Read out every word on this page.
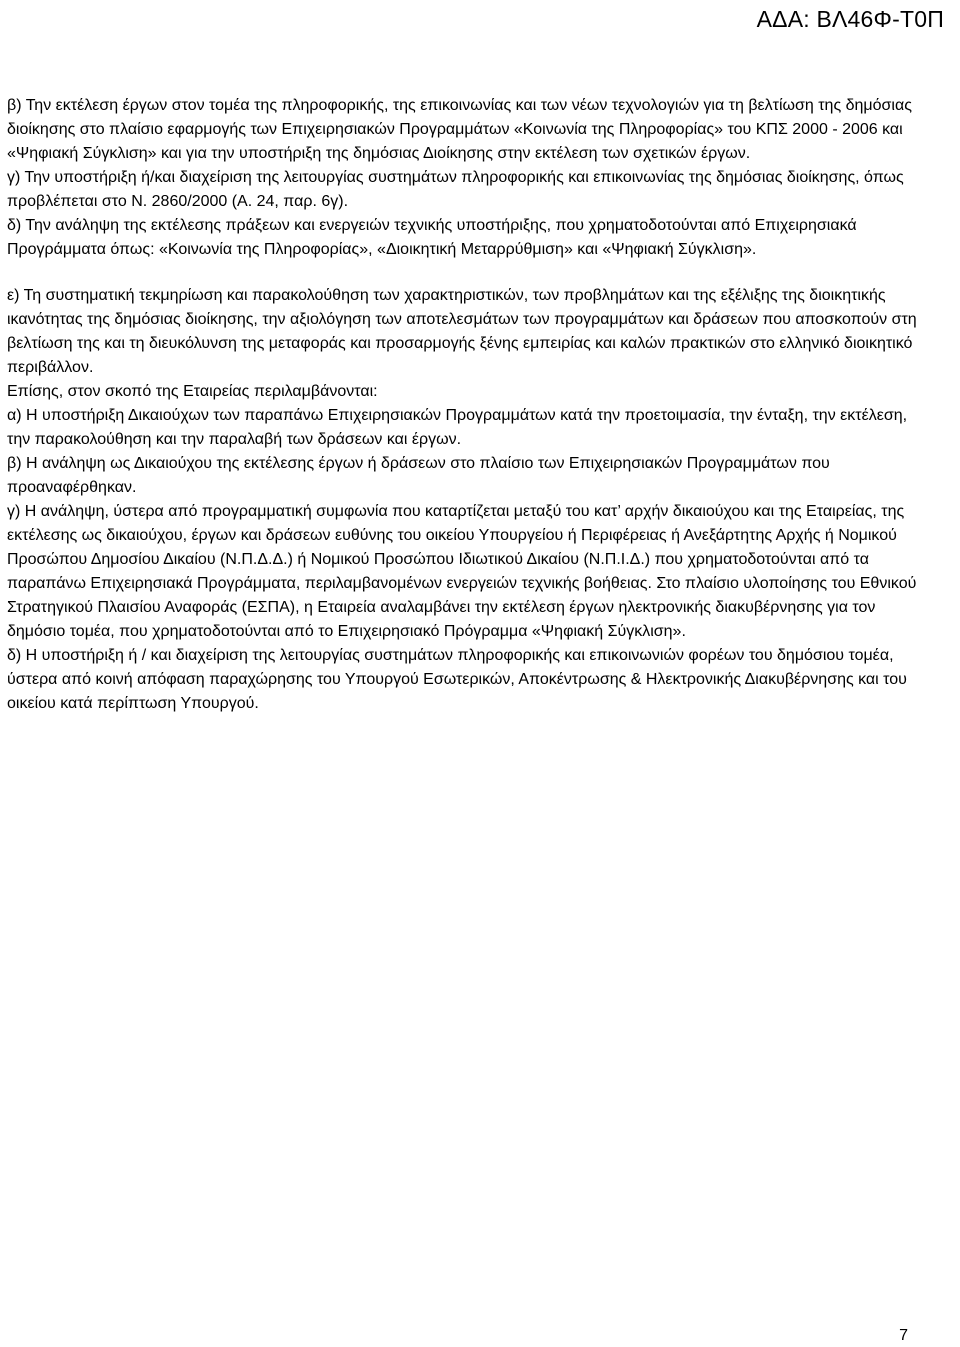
ΑΔΑ: ΒΛ46Φ-Τ0Π

β) Την εκτέλεση έργων στον τομέα της πληροφορικής, της επικοινωνίας και των νέων τεχνολογιών για τη βελτίωση της δημόσιας διοίκησης στο πλαίσιο εφαρμογής των Επιχειρησιακών Προγραμμάτων «Κοινωνία της Πληροφορίας» του ΚΠΣ 2000 - 2006 και «Ψηφιακή Σύγκλιση» και για την υποστήριξη της δημόσιας Διοίκησης στην εκτέλεση των σχετικών έργων.

γ) Την υποστήριξη ή/και διαχείριση της λειτουργίας συστημάτων πληροφορικής και επικοινωνίας της δημόσιας διοίκησης, όπως προβλέπεται στο Ν. 2860/2000 (Α. 24, παρ. 6γ).

δ) Την ανάληψη της εκτέλεσης πράξεων και ενεργειών τεχνικής υποστήριξης, που χρηματοδοτούνται από Επιχειρησιακά Προγράμματα όπως: «Κοινωνία της Πληροφορίας», «Διοικητική Μεταρρύθμιση» και «Ψηφιακή Σύγκλιση».

ε) Τη συστηματική τεκμηρίωση και παρακολούθηση των χαρακτηριστικών, των προβλημάτων και της εξέλιξης της διοικητικής ικανότητας της δημόσιας διοίκησης, την αξιολόγηση των αποτελεσμάτων των προγραμμάτων και δράσεων που αποσκοπούν στη βελτίωση της και τη διευκόλυνση της μεταφοράς και προσαρμογής ξένης εμπειρίας και καλών πρακτικών στο ελληνικό διοικητικό περιβάλλον.

Επίσης, στον σκοπό της Εταιρείας περιλαμβάνονται:

α) Η υποστήριξη Δικαιούχων των παραπάνω Επιχειρησιακών Προγραμμάτων κατά την προετοιμασία, την ένταξη, την εκτέλεση, την παρακολούθηση και την παραλαβή των δράσεων και έργων.

β) Η ανάληψη ως Δικαιούχου της εκτέλεσης έργων ή δράσεων στο πλαίσιο των Επιχειρησιακών Προγραμμάτων που προαναφέρθηκαν.

γ) Η ανάληψη, ύστερα από προγραμματική συμφωνία που καταρτίζεται μεταξύ του κατ’ αρχήν δικαιούχου και της Εταιρείας, της εκτέλεσης ως δικαιούχου, έργων και δράσεων ευθύνης του οικείου Υπουργείου ή Περιφέρειας ή Ανεξάρτητης Αρχής ή Νομικού Προσώπου Δημοσίου Δικαίου (Ν.Π.Δ.Δ.) ή Νομικού Προσώπου Ιδιωτικού Δικαίου (Ν.Π.Ι.Δ.) που χρηματοδοτούνται από τα παραπάνω Επιχειρησιακά Προγράμματα, περιλαμβανομένων ενεργειών τεχνικής βοήθειας. Στο πλαίσιο υλοποίησης του Εθνικού Στρατηγικού Πλαισίου Αναφοράς (ΕΣΠΑ), η Εταιρεία αναλαμβάνει την εκτέλεση έργων ηλεκτρονικής διακυβέρνησης για τον δημόσιο τομέα, που χρηματοδοτούνται από το Επιχειρησιακό Πρόγραμμα «Ψηφιακή Σύγκλιση».

δ) Η υποστήριξη ή / και διαχείριση της λειτουργίας συστημάτων πληροφορικής και επικοινωνιών φορέων του δημόσιου τομέα, ύστερα από κοινή απόφαση παραχώρησης του Υπουργού Εσωτερικών, Αποκέντρωσης & Ηλεκτρονικής Διακυβέρνησης και του οικείου κατά περίπτωση Υπουργού.

7
